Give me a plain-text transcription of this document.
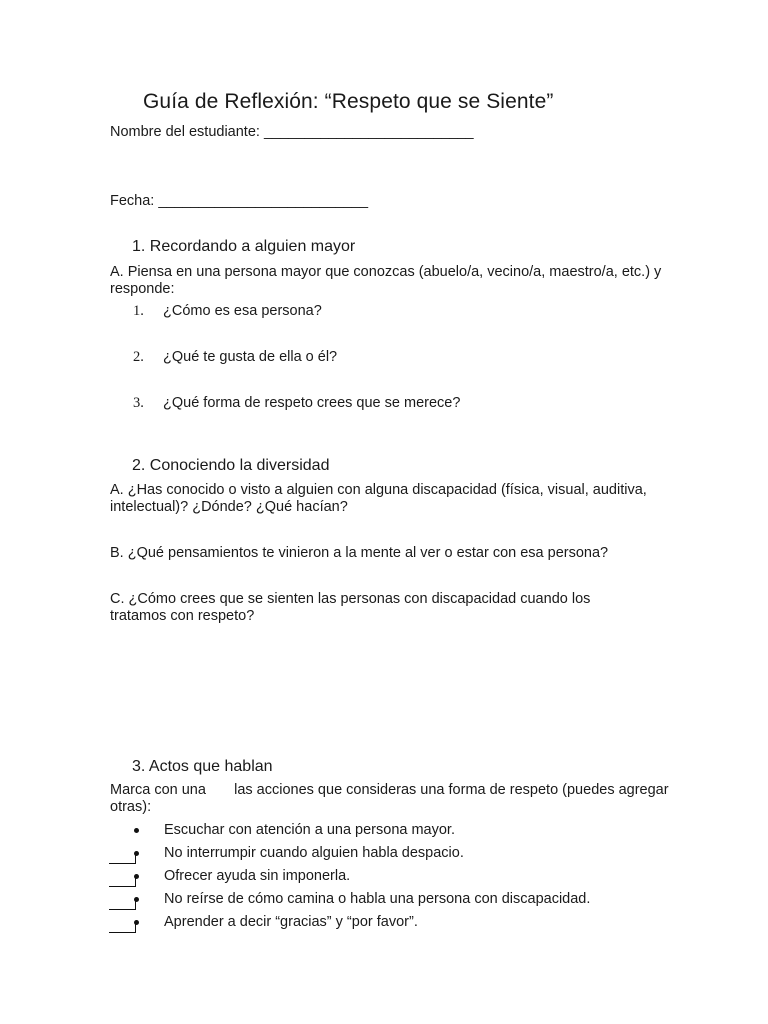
Guía de Reflexión: “Respeto que se Siente”
Nombre del estudiante: __________________________
Fecha: __________________________
1. Recordando a alguien mayor
A. Piensa en una persona mayor que conozcas (abuelo/a, vecino/a, maestro/a, etc.) y responde:
1. ¿Cómo es esa persona?
2. ¿Qué te gusta de ella o él?
3. ¿Qué forma de respeto crees que se merece?
2. Conociendo la diversidad
A. ¿Has conocido o visto a alguien con alguna discapacidad (física, visual, auditiva, intelectual)? ¿Dónde? ¿Qué hacían?
B. ¿Qué pensamientos te vinieron a la mente al ver o estar con esa persona?
C. ¿Cómo crees que se sienten las personas con discapacidad cuando los tratamos con respeto?
3. Actos que hablan
Marca con una       las acciones que consideras una forma de respeto (puedes agregar otras):
Escuchar con atención a una persona mayor.
No interrumpir cuando alguien habla despacio.
Ofrecer ayuda sin imponerla.
No reírse de cómo camina o habla una persona con discapacidad.
Aprender a decir “gracias” y “por favor”.
